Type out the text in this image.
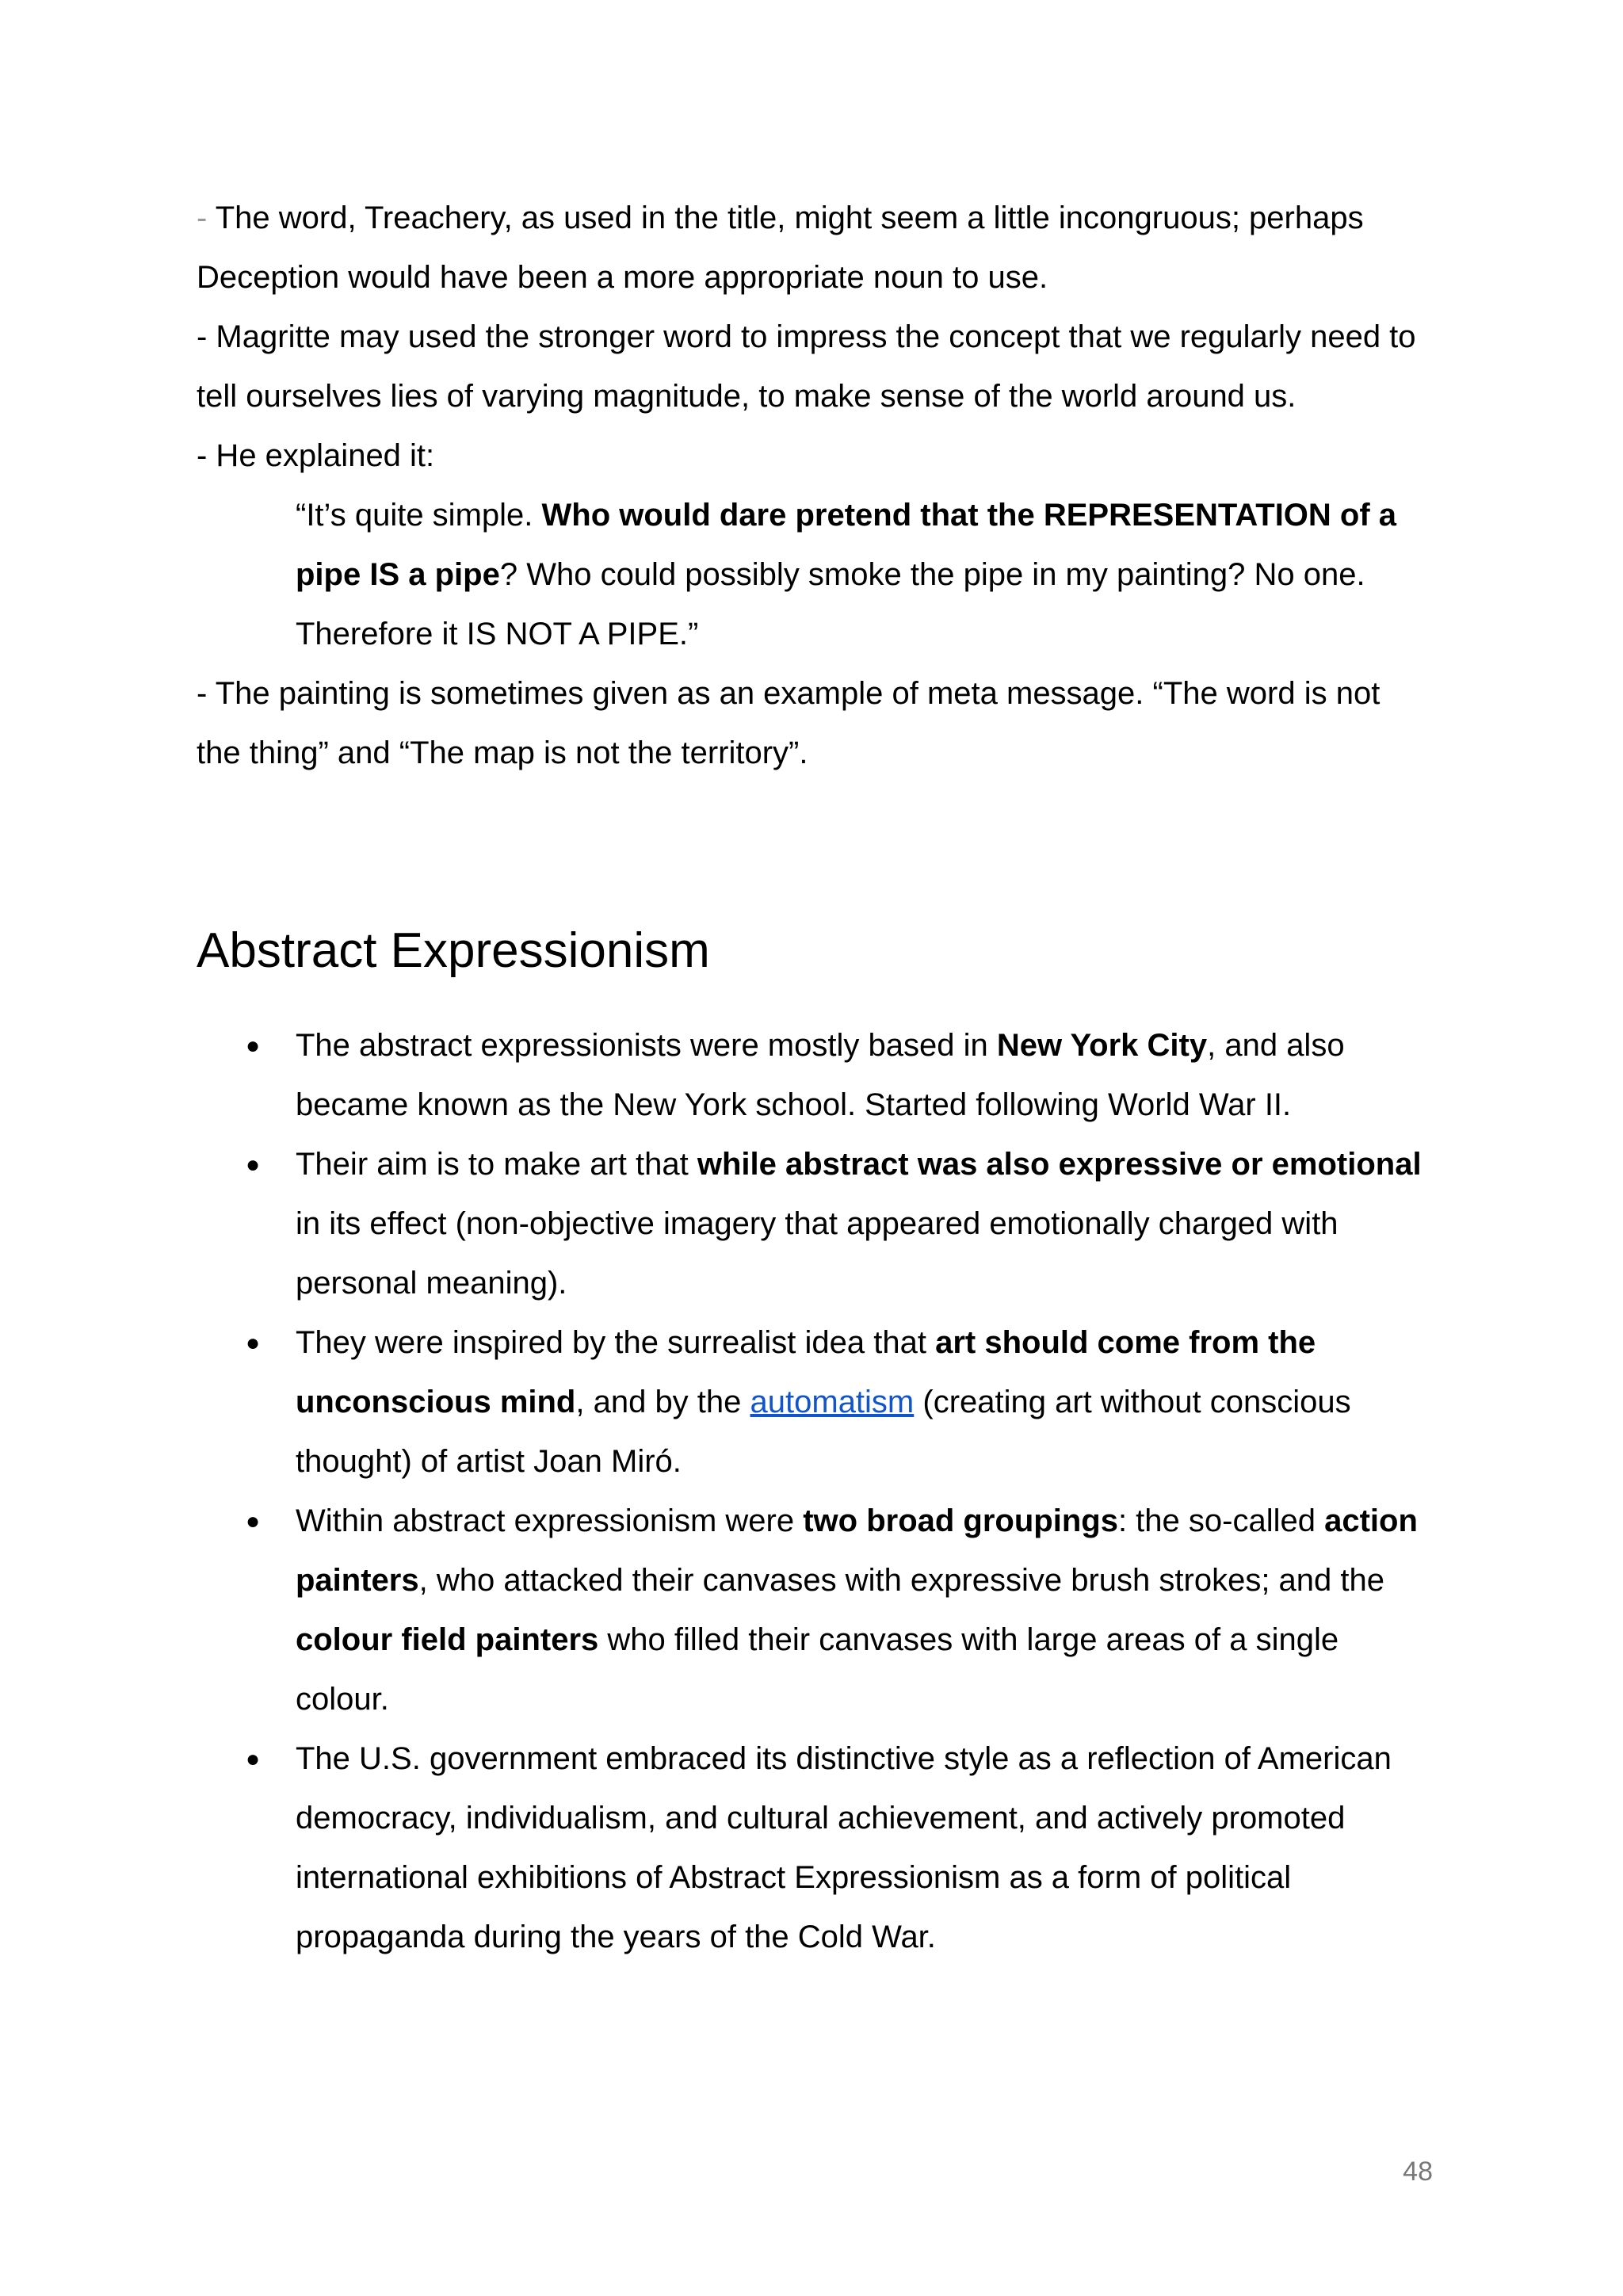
- The word, Treachery, as used in the title, might seem a little incongruous; perhaps Deception would have been a more appropriate noun to use.

- Magritte may used the stronger word to impress the concept that we regularly need to tell ourselves lies of varying magnitude, to make sense of the world around us.

- He explained it:

“It’s quite simple. Who would dare pretend that the REPRESENTATION of a pipe IS a pipe? Who could possibly smoke the pipe in my painting? No one. Therefore it IS NOT A PIPE.”

- The painting is sometimes given as an example of meta message. “The word is not the thing” and “The map is not the territory”.

Abstract Expressionism
● The abstract expressionists were mostly based in New York City, and also became known as the New York school. Started following World War II.
● Their aim is to make art that while abstract was also expressive or emotional in its effect (non-objective imagery that appeared emotionally charged with personal meaning).
● They were inspired by the surrealist idea that art should come from the unconscious mind, and by the automatism (creating art without conscious thought) of artist Joan Miró.
● Within abstract expressionism were two broad groupings: the so-called action painters, who attacked their canvases with expressive brush strokes; and the colour field painters who filled their canvases with large areas of a single colour.
● The U.S. government embraced its distinctive style as a reflection of American democracy, individualism, and cultural achievement, and actively promoted international exhibitions of Abstract Expressionism as a form of political propaganda during the years of the Cold War.
48
